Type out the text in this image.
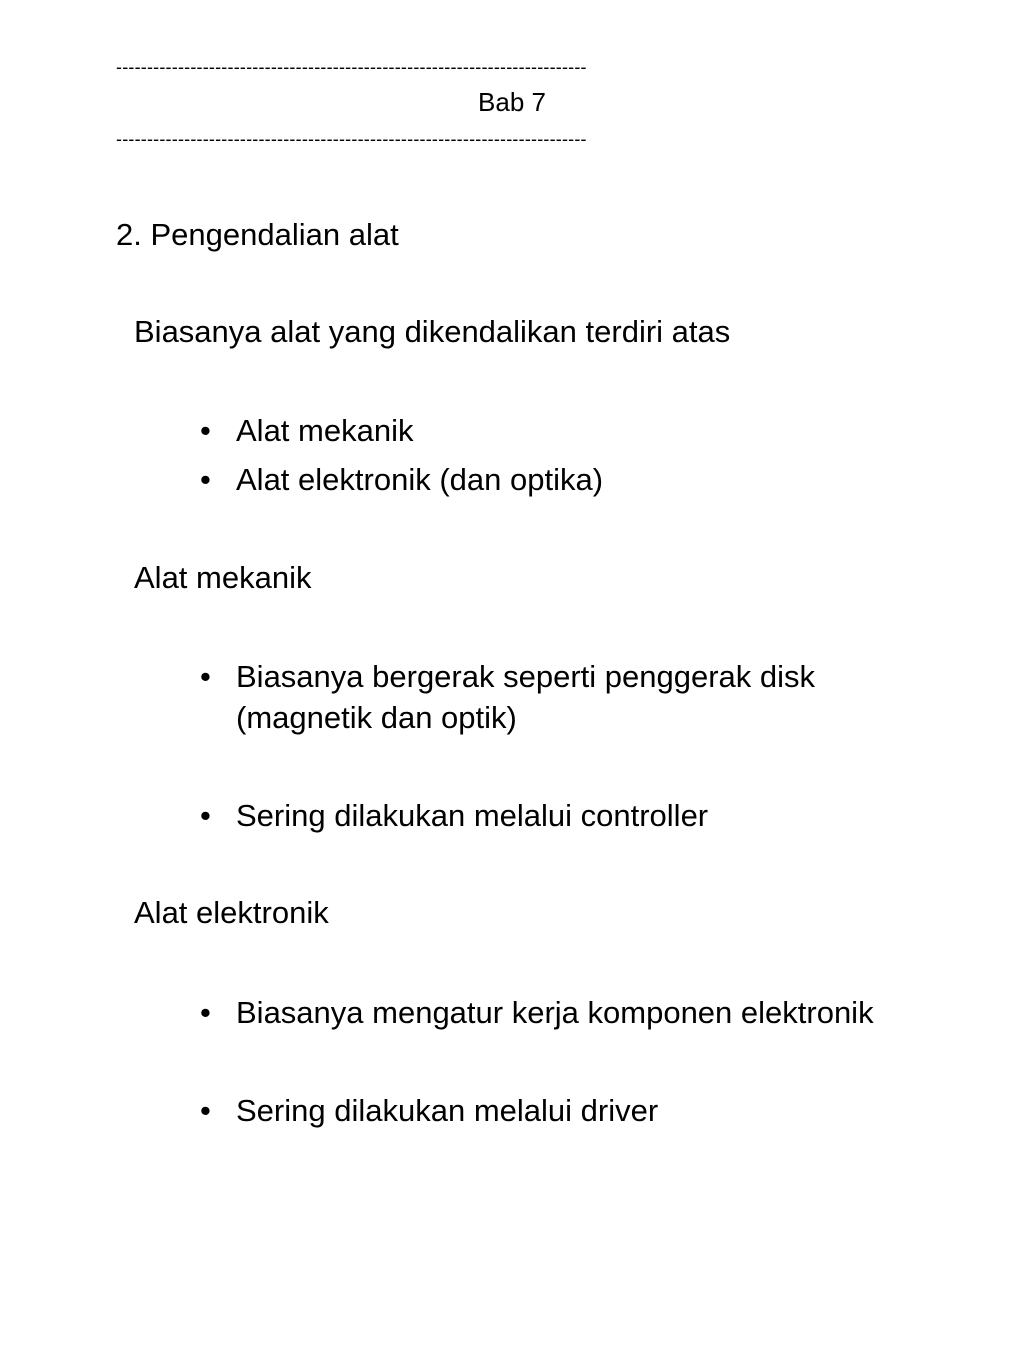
----------------------------------------------------------------------------
Bab 7
----------------------------------------------------------------------------
2. Pengendalian alat
Biasanya alat yang dikendalikan terdiri atas
• Alat mekanik
• Alat elektronik (dan optika)
Alat mekanik
• Biasanya bergerak seperti penggerak disk
(magnetik dan optik)
• Sering dilakukan melalui controller
Alat elektronik
• Biasanya mengatur kerja komponen elektronik
• Sering dilakukan melalui driver
